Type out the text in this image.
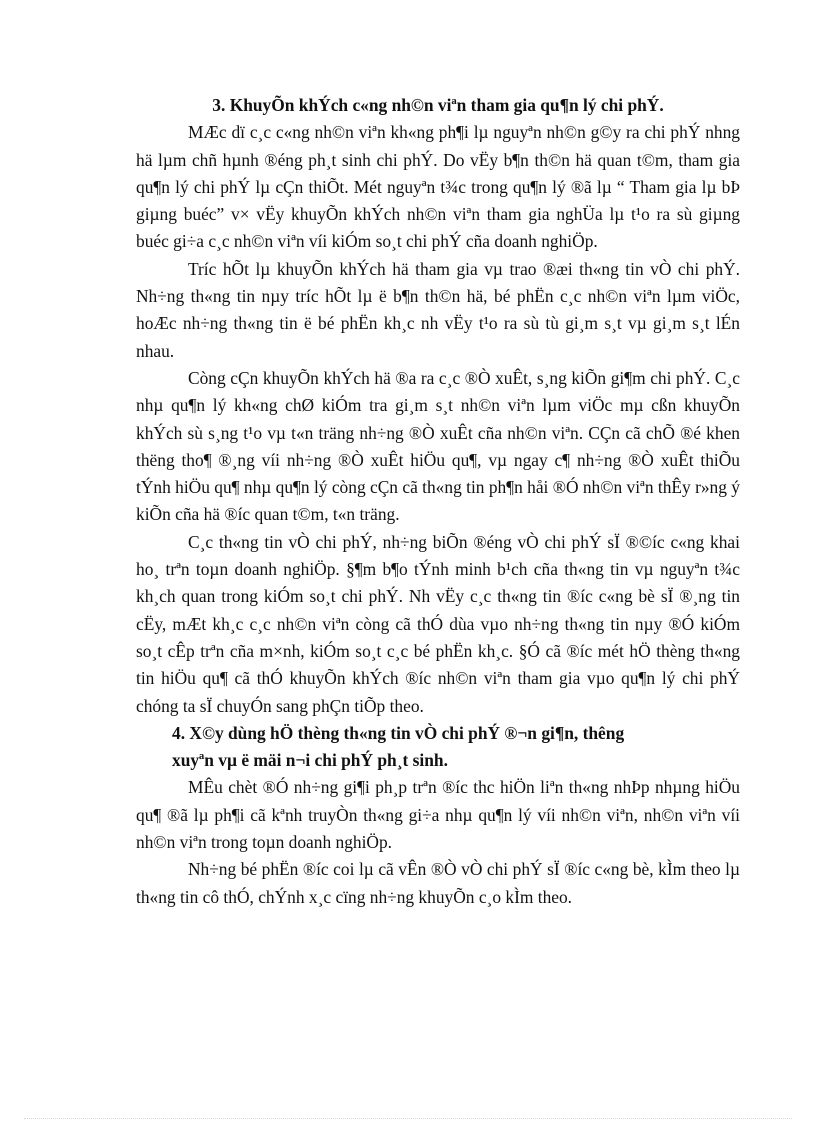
3. KhuyÕn khÝch c«ng nh©n viªn tham gia qu¶n lý chi phÝ.

MÆc dï c¸c c«ng nh©n viªn kh«ng ph¶i lµ nguyªn nh©n g©y ra chi phÝ nhng hä lµm chñ hµnh ®éng ph¸t sinh chi phÝ. Do vËy b¶n th©n hä quan t©m, tham gia qu¶n lý chi phÝ lµ cÇn thiÕt. Mét nguyªn t¾c trong qu¶n lý ®ã lµ “ Tham gia lµ bÞ giµng buéc” v× vËy khuyÕn khÝch nh©n viªn tham gia nghÜa lµ t¹o ra sù giµng buéc gi÷a c¸c nh©n viªn víi kiÓm so¸t chi phÝ cña doanh nghiÖp.

Tríc hÕt lµ khuyÕn khÝch hä tham gia vµ trao ®æi th«ng tin vÒ chi phÝ. Nh÷ng th«ng tin nµy tríc hÕt lµ ë b¶n th©n hä, bé phËn c¸c nh©n viªn lµm viÖc, hoÆc nh÷ng th«ng tin ë bé phËn kh¸c nh vËy t¹o ra sù tù gi¸m s¸t vµ gi¸m s¸t lÉn nhau.

Còng cÇn khuyÕn khÝch hä ®a ra c¸c ®Ò xuÊt, s¸ng kiÕn gi¶m chi phÝ. C¸c nhµ qu¶n lý kh«ng chØ kiÓm tra gi¸m s¸t nh©n viªn lµm viÖc mµ cßn khuyÕn khÝch sù s¸ng t¹o vµ t«n träng nh÷ng ®Ò xuÊt cña nh©n viªn. CÇn cã chÕ ®é khen thëng tho¶ ®¸ng víi nh÷ng ®Ò xuÊt hiÖu qu¶, vµ ngay c¶ nh÷ng ®Ò xuÊt thiÕu tÝnh hiÖu qu¶ nhµ qu¶n lý còng cÇn cã th«ng tin ph¶n håi ®Ó nh©n viªn thÊy r»ng ý kiÕn cña hä ®íc quan t©m, t«n träng.

C¸c th«ng tin vÒ chi phÝ, nh÷ng biÕn ®éng vÒ chi phÝ sÏ ®©íc c«ng khai ho¸ trªn toµn doanh nghiÖp. §¶m b¶o tÝnh minh b¹ch cña th«ng tin vµ nguyªn t¾c kh¸ch quan trong kiÓm so¸t chi phÝ. Nh vËy c¸c th«ng tin ®íc c«ng bè sÏ ®¸ng tin cËy, mÆt kh¸c c¸c nh©n viªn còng cã thÓ dùa vµo nh÷ng th«ng tin nµy ®Ó kiÓm so¸t cÊp trªn cña m×nh, kiÓm so¸t c¸c bé phËn kh¸c. §Ó cã ®íc mét hÖ thèng th«ng tin hiÖu qu¶ cã thÓ khuyÕn khÝch ®íc nh©n viªn tham gia vµo qu¶n lý chi phÝ chóng ta sÏ chuyÓn sang phÇn tiÕp theo.

4. X©y dùng hÖ thèng th«ng tin vÒ chi phÝ ®¬n gi¶n, thêng
xuyªn vµ ë mäi n¬i chi phÝ ph¸t sinh.

MÊu chèt ®Ó nh÷ng gi¶i ph¸p trªn ®íc thc hiÖn liªn th«ng nhÞp nhµng hiÖu qu¶ ®ã lµ ph¶i cã kªnh truyÒn th«ng gi÷a nhµ qu¶n lý víi nh©n viªn, nh©n viªn víi nh©n viªn trong toµn doanh nghiÖp.

Nh÷ng bé phËn ®íc coi lµ cã vÊn ®Ò vÒ chi phÝ sÏ ®íc c«ng bè, kÌm theo lµ th«ng tin cô thÓ, chÝnh x¸c cïng nh÷ng khuyÕn c¸o kÌm theo.
